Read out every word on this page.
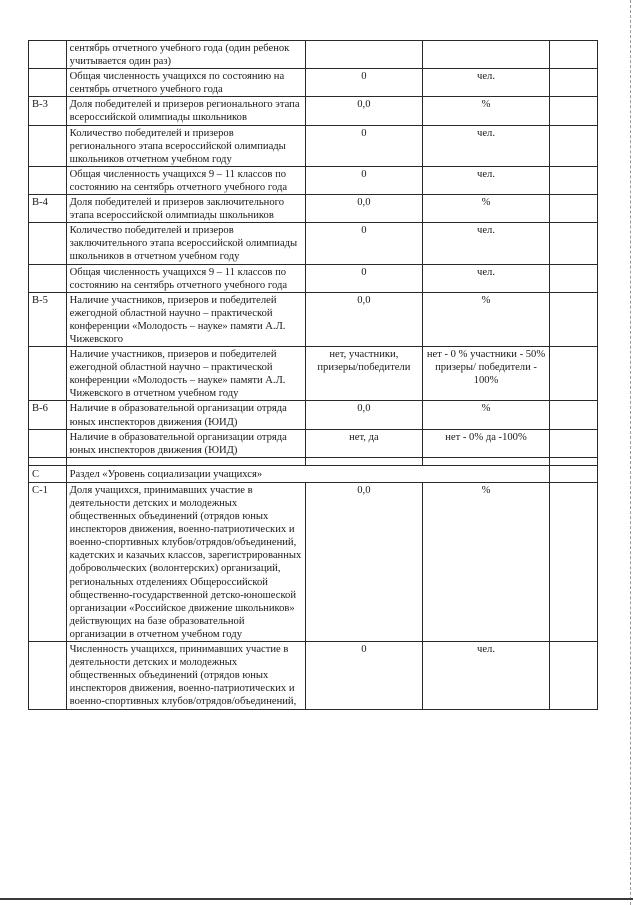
	сентябрь отчетного учебного года (один ребенок учитывается один раз)			
	Общая численность учащихся по состоянию на сентябрь отчетного учебного года	0	чел.	
В-3	Доля победителей и призеров регионального этапа всероссийской олимпиады школьников	0,0	%	
	Количество победителей и призеров регионального этапа всероссийской олимпиады школьников отчетном учебном году	0	чел.	
	Общая численность учащихся 9 – 11 классов по состоянию на сентябрь отчетного учебного года	0	чел.	
В-4	Доля победителей и призеров заключительного этапа всероссийской олимпиады школьников	0,0	%	
	Количество победителей и призеров заключительного этапа всероссийской олимпиады школьников в отчетном учебном году	0	чел.	
	Общая численность учащихся 9 – 11 классов по состоянию на сентябрь отчетного учебного года	0	чел.	
В-5	Наличие участников, призеров и победителей ежегодной областной научно – практической конференции «Молодость – науке» памяти А.Л. Чижевского	0,0	%	
	Наличие участников, призеров и победителей ежегодной областной научно – практической конференции «Молодость – науке» памяти А.Л. Чижевского в отчетном учебном году	нет, участники, призеры/победители	нет - 0 % участники - 50% призеры/ победители - 100%	
В-6	Наличие в образовательной организации отряда юных инспекторов движения (ЮИД)	0,0	%	
	Наличие в образовательной организации отряда юных инспекторов движения (ЮИД)	нет, да	нет - 0% да -100%	

С	Раздел «Уровень социализации учащихся»			
С-1	Доля учащихся, принимавших участие в деятельности детских и молодежных общественных объединений (отрядов юных инспекторов движения, военно-патриотических и военно-спортивных клубов/отрядов/объединений, кадетских и казачьих классов, зарегистрированных добровольческих (волонтерских) организаций, региональных отделениях Общероссийской общественно-государственной детско-юношеской организации «Российское движение школьников» действующих на базе образовательной организации в отчетном учебном году	0,0	%	
	Численность учащихся, принимавших участие в деятельности детских и молодежных общественных объединений (отрядов юных инспекторов движения, военно-патриотических и военно-спортивных клубов/отрядов/объединений,	0	чел.	
